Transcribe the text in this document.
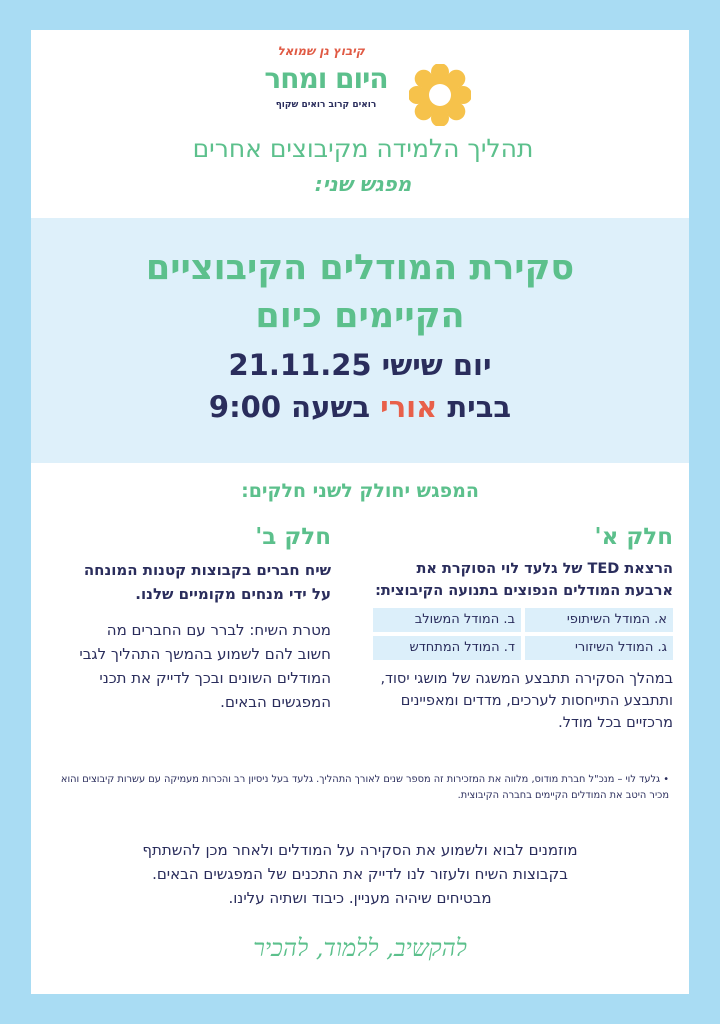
קיבוץ גן שמואל
היום ומחר
רואים קרוב רואים שקוף
תהליך הלמידה מקיבוצים אחרים
מפגש שני:
סקירת המודלים הקיבוציים
הקיימים כיום
יום שישי 21.11.25
בבית אורי בשעה 9:00
המפגש יחולק לשני חלקים:
חלק א'
הרצאת TED של גלעד לוי הסוקרת את ארבעת המודלים הנפוצים בתנועה הקיבוצית:
א. המודל השיתופי
ב. המודל המשולב
ג. המודל השיזורי
ד. המודל המתחדש
במהלך הסקירה תתבצע המשגה של מושגי יסוד, ותתבצע התייחסות לערכים, מדדים ומאפיינים מרכזיים בכל מודל.
חלק ב'
שיח חברים בקבוצות קטנות המונחה על ידי מנחים מקומיים שלנו.
מטרת השיח: לברר עם החברים מה חשוב להם לשמוע בהמשך התהליך לגבי המודלים השונים ובכך לדייק את תכני המפגשים הבאים.
• גלעד לוי – מנכ"ל חברת מודוס, מלווה את המזכירות זה מספר שנים לאורך התהליך. גלעד בעל ניסיון רב והכרות מעמיקה עם עשרות קיבוצים והוא מכיר היטב את המודלים הקיימים בחברה הקיבוצית.
מוזמנים לבוא ולשמוע את הסקירה על המודלים ולאחר מכן להשתתף
בקבוצות השיח ולעזור לנו לדייק את התכנים של המפגשים הבאים.
מבטיחים שיהיה מעניין. כיבוד ושתיה עלינו.
להקשיב, ללמוד, להכיר
